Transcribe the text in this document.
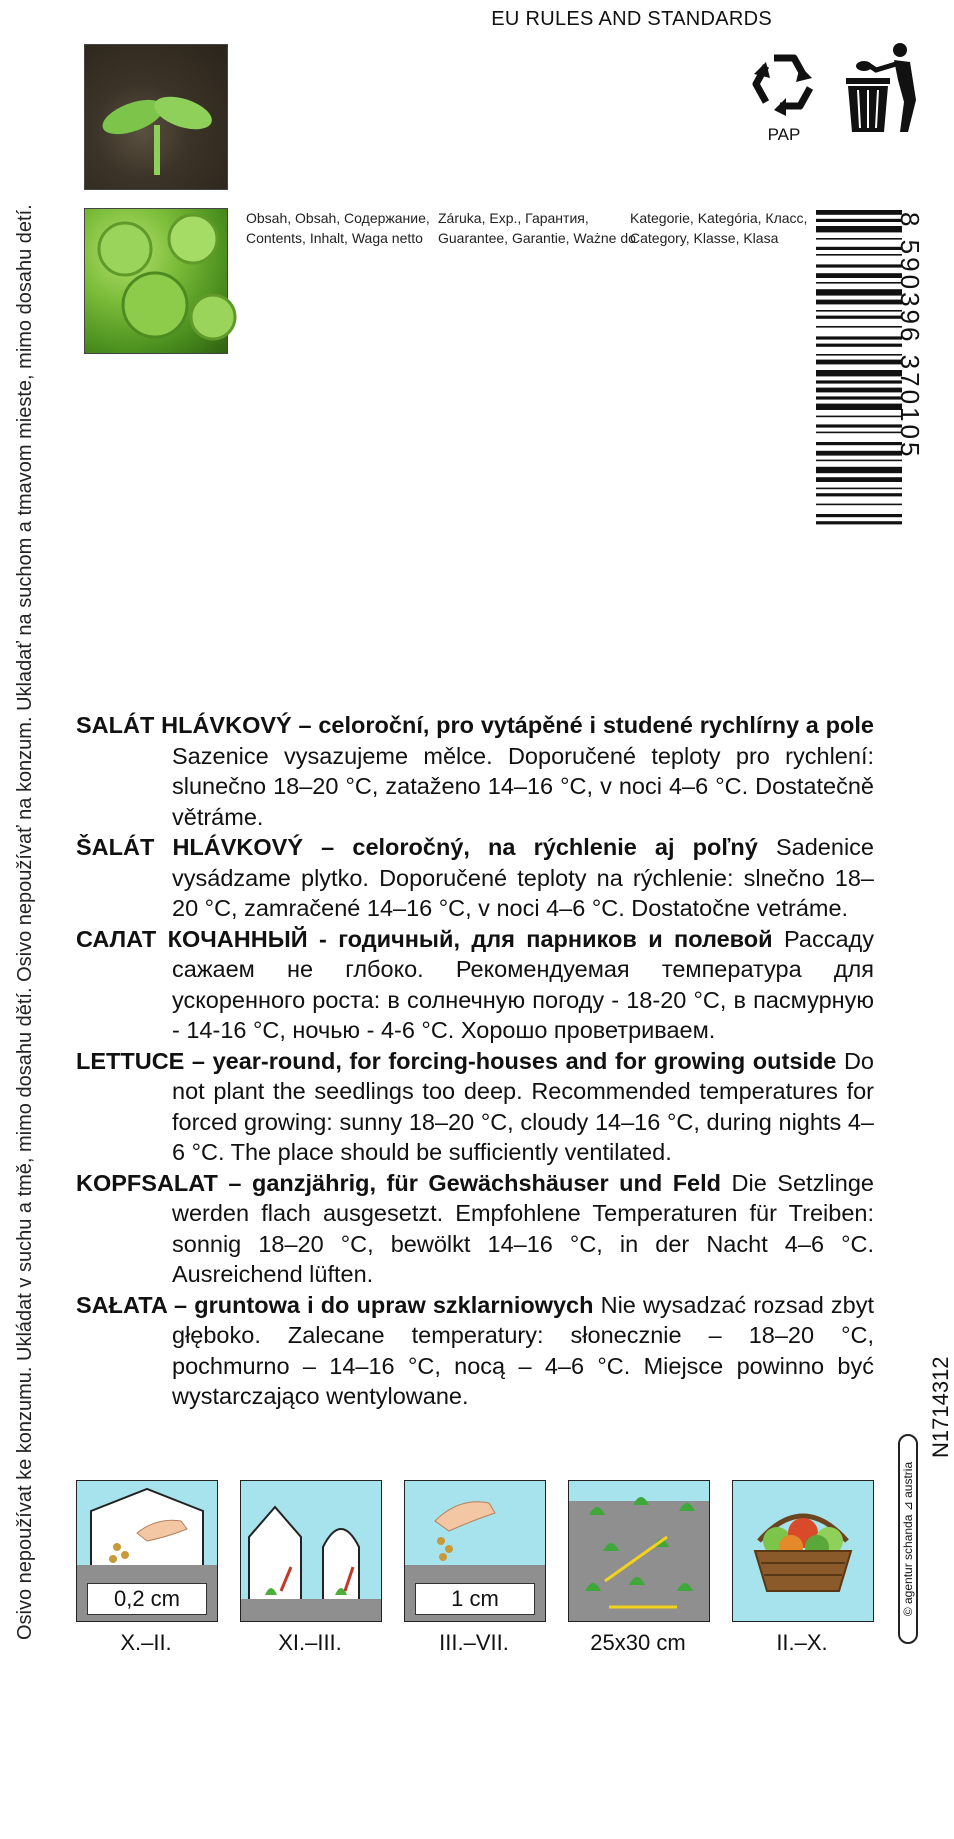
Osivo nepoužívat ke konzumu. Ukládat v suchu a tmě, mimo dosahu dětí. Osivo nepoužívať na konzum. Ukladať na suchom a tmavom mieste, mimo dosahu detí.
EU RULES AND STANDARDS
PAP
Obsah, Obsah, Содержание,
Contents, Inhalt, Waga netto
Záruka, Exp., Гарантия,
Guarantee, Garantie, Ważne do
Kategorie, Kategória, Класс,
Category, Klasse, Klasa	8 590396 370105
N1714312
© agentur schanda ⊿ austria

SALÁT HLÁVKOVÝ – celoroční, pro vytápěné i studené rychlírny a pole Sazenice vysazujeme mělce. Doporučené teploty pro rychlení: slunečno 18–20 °C, zataženo 14–16 °C, v noci 4–6 °C. Dostatečně větráme.

ŠALÁT HLÁVKOVÝ – celoročný, na rýchlenie aj poľný Sadenice vysádzame plytko. Doporučené teploty na rýchlenie: slnečno 18–20 °C, zamračené 14–16 °C, v noci 4–6 °C. Dostatočne vetráme.

САЛАТ КОЧАННЫЙ - годичный, для парников и полевой Рассаду сажаем не глбоко. Рекомендуемая температура для ускоренного роста: в солнечную погоду - 18-20 °C, в пасмурную - 14-16 °C, ночью - 4-6 °C. Хорошо проветриваем.

LETTUCE – year-round, for forcing-houses and for growing outside Do not plant the seedlings too deep. Recommended temperatures for forced growing: sunny 18–20 °C, cloudy 14–16 °C, during nights 4–6 °C. The place should be sufficiently ventilated.

KOPFSALAT – ganzjährig, für Gewächshäuser und Feld Die Setzlinge werden flach ausgesetzt. Empfohlene Temperaturen für Treiben: sonnig 18–20 °C, bewölkt 14–16 °C, in der Nacht 4–6 °C. Ausreichend lüften.

SAŁATA – gruntowa i do upraw szklarniowych Nie wysadzać rozsad zbyt głęboko. Zalecane temperatury: słonecznie – 18–20 °C, pochmurno – 14–16 °C, nocą – 4–6 °C. Miejsce powinno być wystarczająco wentylowane.

0,2 cm	1 cm
X.–II.	XI.–III.	III.–VII.	25x30 cm	II.–X.
